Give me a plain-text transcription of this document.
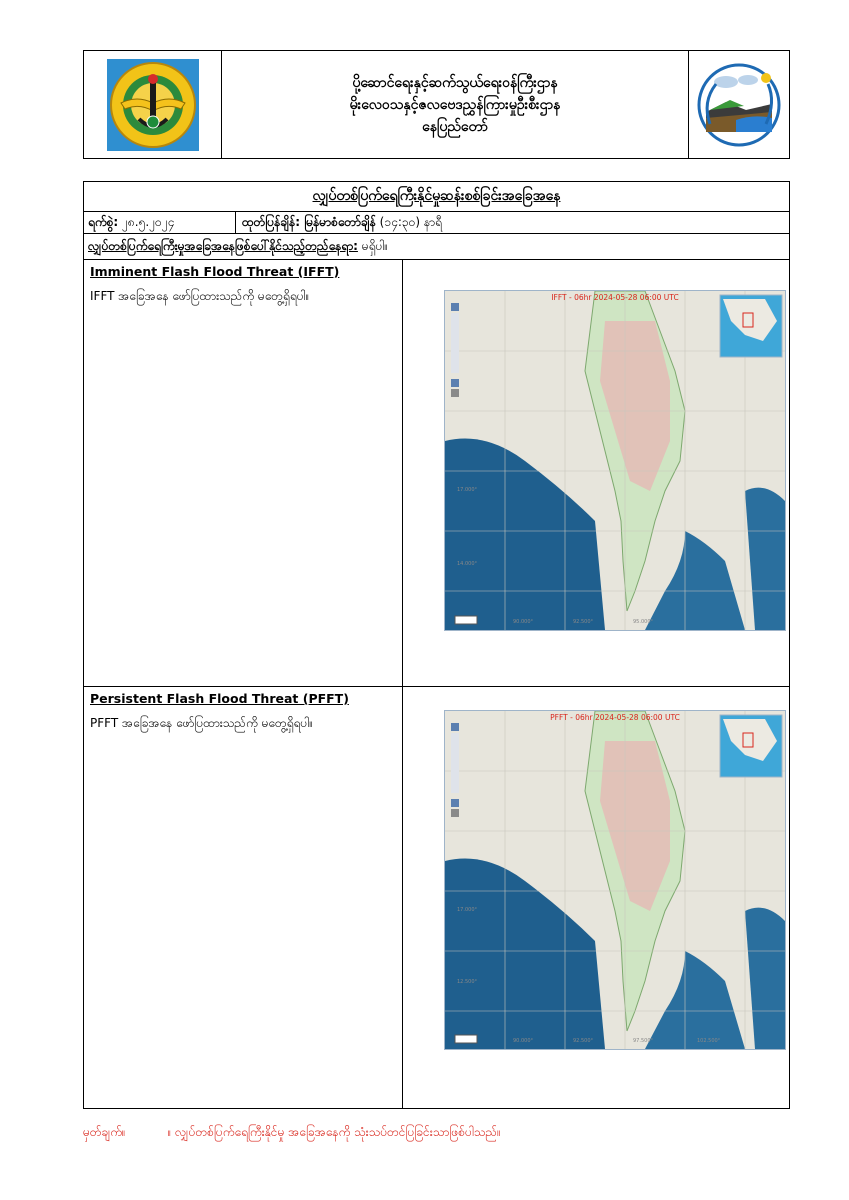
ပို့ဆောင်ရေးနှင့်ဆက်သွယ်ရေးဝန်ကြီးဌာန
မိုးလေဝသနှင့်ဇလဗေဒညွှန်ကြားမှုဦးစီးဌာန
နေပြည်တော်
လျှပ်တစ်ပြက်ရေကြီးနိုင်မှုဆန်းစစ်ခြင်းအခြေအနေ
ရက်စွဲ:
၂၈.၅.၂၀၂၄	ထုတ်ပြန်ချိန်: မြန်မာစံတော်ချိန်
(၁၄:၃၀) နာရီ
လျှပ်တစ်ပြက်ရေကြီးမှုအခြေအနေဖြစ်ပေါ်နိုင်သည့်တည်နေရာ:
မရှိပါ။
Imminent Flash Flood Threat (IFFT)
IFFT အခြေအနေ ဖော်ပြထားသည်ကို မတွေ့ရှိရပါ။	IFFT - 06hr 2024-05-28 06:00 UTC
17.000°
14.000°
90.000°	92.500°	95.000°
Persistent Flash Flood Threat (PFFT)
PFFT အခြေအနေ ဖော်ပြထားသည်ကို မတွေ့ရှိရပါ။	PFFT - 06hr 2024-05-28 06:00 UTC
17.000°
12.500°
90.000°	92.500°	97.500°	102.500°
မှတ်ချက်။	။ လျှပ်တစ်ပြက်ရေကြီးနိုင်မှု အခြေအနေကို သုံးသပ်တင်ပြခြင်းသာဖြစ်ပါသည်။
